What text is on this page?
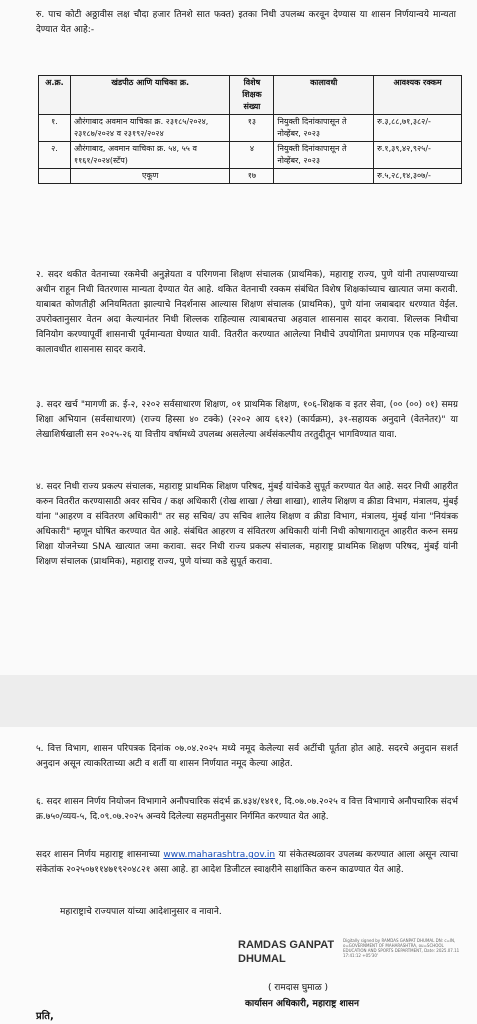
रु. पाच कोटी अठ्ठावीस लक्ष चौदा हजार तिनशे सात फक्त) इतका निधी उपलब्ध करवून देण्यास या शासन निर्णयान्वये मान्यता देण्यात येत आहे:-
अ.क्र.	खंडपीठ आणि याचिका क्र.	विशेष शिक्षक संख्या	कालावधी	आवश्यक रक्कम
१.	औरंगाबाद अवमान याचिका क्र. २३१८५/२०२४, २३१८७/२०२४ व २३१९२/२०२४	१३	नियुक्ती दिनांकापासून ते नोव्हेंबर, २०२३	रु.३,८८,७१,३८२/-
२.	औरंगाबाद, अवमान याचिका क्र. ५४, ५५ व ११६१/२०२४(स्टॅंप)	४	नियुक्ती दिनांकापासून ते नोव्हेंबर, २०२३	रु.१,३९,४२,९२५/-
	एकूण	१७		रु.५,२८,१४,३०७/-
२. सदर थकीत वेतनाच्या रकमेची अनुज्ञेयता व परिगणना शिक्षण संचालक (प्राथमिक), महाराष्ट्र राज्य, पुणे यांनी तपासण्याच्या अधीन राहून निधी वितरणास मान्यता देण्यात येत आहे. थकित वेतनाची रक्कम संबंधित विशेष शिक्षकांच्याच खात्यात जमा करावी. याबाबत कोणतीही अनियमितता झाल्याचे निदर्शनास आल्यास शिक्षण संचालक (प्राथमिक), पुणे यांना जबाबदार धरण्यात येईल. उपरोक्तानुसार वेतन अदा केल्यानंतर निधी शिल्लक राहिल्यास त्याबाबतचा अहवाल शासनास सादर करावा. शिल्लक निधीचा विनियोग करण्यापूर्वी शासनाची पूर्वमान्यता घेण्यात यावी. वितरीत करण्यात आलेल्या निधीचे उपयोगिता प्रमाणपत्र एक महिन्याच्या कालावधीत शासनास सादर करावे.
३. सदर खर्च "मागणी क्र. ई-२, २२०२ सर्वसाधारण शिक्षण, ०१ प्राथमिक शिक्षण, १०६-शिक्षक व इतर सेवा, (०० (००) ०१) समग्र शिक्षा अभियान (सर्वसाधारण) (राज्य हिस्सा ४० टक्के) (२२०२ आय ६१२) (कार्यक्रम), ३१-सहायक अनुदाने (वेतनेतर)" या लेखाशिर्षखाली सन २०२५-२६ या वित्तीय वर्षामध्ये उपलब्ध असलेल्या अर्थसंकल्पीय तरतुदीतून भागविण्यात यावा.
४. सदर निधी राज्य प्रकल्प संचालक, महाराष्ट्र प्राथमिक शिक्षण परिषद, मुंबई यांचेकडे सुपूर्त करण्यात येत आहे. सदर निधी आहरीत करुन वितरीत करण्यासाठी अवर सचिव / कक्ष अधिकारी (रोख शाखा / लेखा शाखा), शालेय शिक्षण व क्रीडा विभाग, मंत्रालय, मुंबई यांना "आहरण व संवितरण अधिकारी" तर सह सचिव/ उप सचिव शालेय शिक्षण व क्रीडा विभाग, मंत्रालय, मुंबई यांना "नियंत्रक अधिकारी" म्हणून घोषित करण्यात येत आहे. संबंधित आहरण व संवितरण अधिकारी यांनी निधी कोषागारातून आहरीत करुन समग्र शिक्षा योजनेच्या SNA खात्यात जमा करावा. सदर निधी राज्य प्रकल्प संचालक, महाराष्ट्र प्राथमिक शिक्षण परिषद, मुंबई यांनी शिक्षण संचालक (प्राथमिक), महाराष्ट्र राज्य, पुणे यांच्या कडे सुपूर्त करावा.
५. वित्त विभाग, शासन परिपत्रक दिनांक ०७.०४.२०२५ मध्ये नमूद केलेल्या सर्व अटींची पूर्तता होत आहे. सदरचे अनुदान सशर्त अनुदान असून त्याकरिताच्या अटी व शर्ती या शासन निर्णयात नमूद केल्या आहेत.
६. सदर शासन निर्णय नियोजन विभागाने अनौपचारिक संदर्भ क्र.४३४/१४११, दि.०७.०७.२०२५ व वित्त विभागाचे अनौपचारिक संदर्भ क्र.७५०/व्यय-५, दि.०९.०७.२०२५ अन्वये दिलेल्या सहमतीनुसार निर्गमित करण्यात येत आहे.
सदर शासन निर्णय महाराष्ट्र शासनाच्या www.maharashtra.gov.in या संकेतस्थळावर उपलब्ध करण्यात आला असून त्याचा संकेतांक २०२५०७११४७१९२०४८२१ असा आहे. हा आदेश डिजीटल स्वाक्षरीने साक्षांकित करुन काढण्यात येत आहे.
महाराष्ट्राचे राज्यपाल यांच्या आदेशानुसार व नावाने.
RAMDAS GANPAT
DHUMAL
Digitally signed by RAMDAS GANPAT DHUMAL DN: c=IN, o=GOVERNMENT OF MAHARASHTRA, ou=SCHOOL EDUCATION AND SPORTS DEPARTMENT, Date: 2025.07.11 17:41:12 +05'30'
( रामदास घुमाळ )
कार्यासन अधिकारी, महाराष्ट्र शासन
प्रति,
